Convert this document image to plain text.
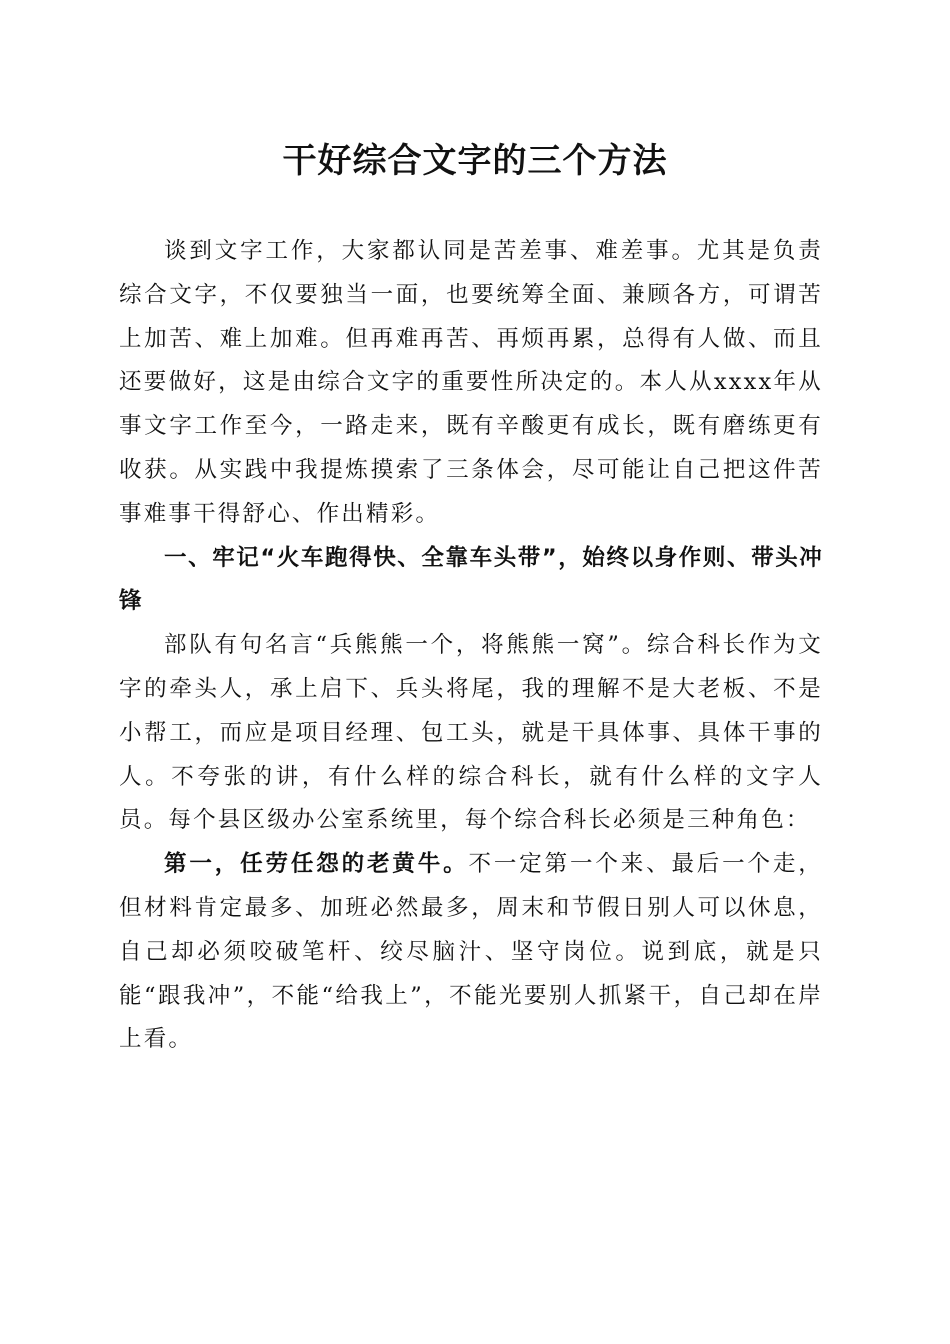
干好综合文字的三个方法

谈到文字工作，大家都认同是苦差事、难差事。尤其是负责综合文字，不仅要独当一面，也要统筹全面、兼顾各方，可谓苦上加苦、难上加难。但再难再苦、再烦再累，总得有人做、而且还要做好，这是由综合文字的重要性所决定的。本人从xxxx年从事文字工作至今，一路走来，既有辛酸更有成长，既有磨练更有收获。从实践中我提炼摸索了三条体会，尽可能让自己把这件苦事难事干得舒心、作出精彩。

一、牢记“火车跑得快、全靠车头带”，始终以身作则、带头冲锋

部队有句名言“兵熊熊一个，将熊熊一窝”。综合科长作为文字的牵头人，承上启下、兵头将尾，我的理解不是大老板、不是小帮工，而应是项目经理、包工头，就是干具体事、具体干事的人。不夸张的讲，有什么样的综合科长，就有什么样的文字人员。每个县区级办公室系统里，每个综合科长必须是三种角色：

第一，任劳任怨的老黄牛。不一定第一个来、最后一个走，但材料肯定最多、加班必然最多，周末和节假日别人可以休息，自己却必须咬破笔杆、绞尽脑汁、坚守岗位。说到底，就是只能“跟我冲”，不能“给我上”，不能光要别人抓紧干，自己却在岸上看。
